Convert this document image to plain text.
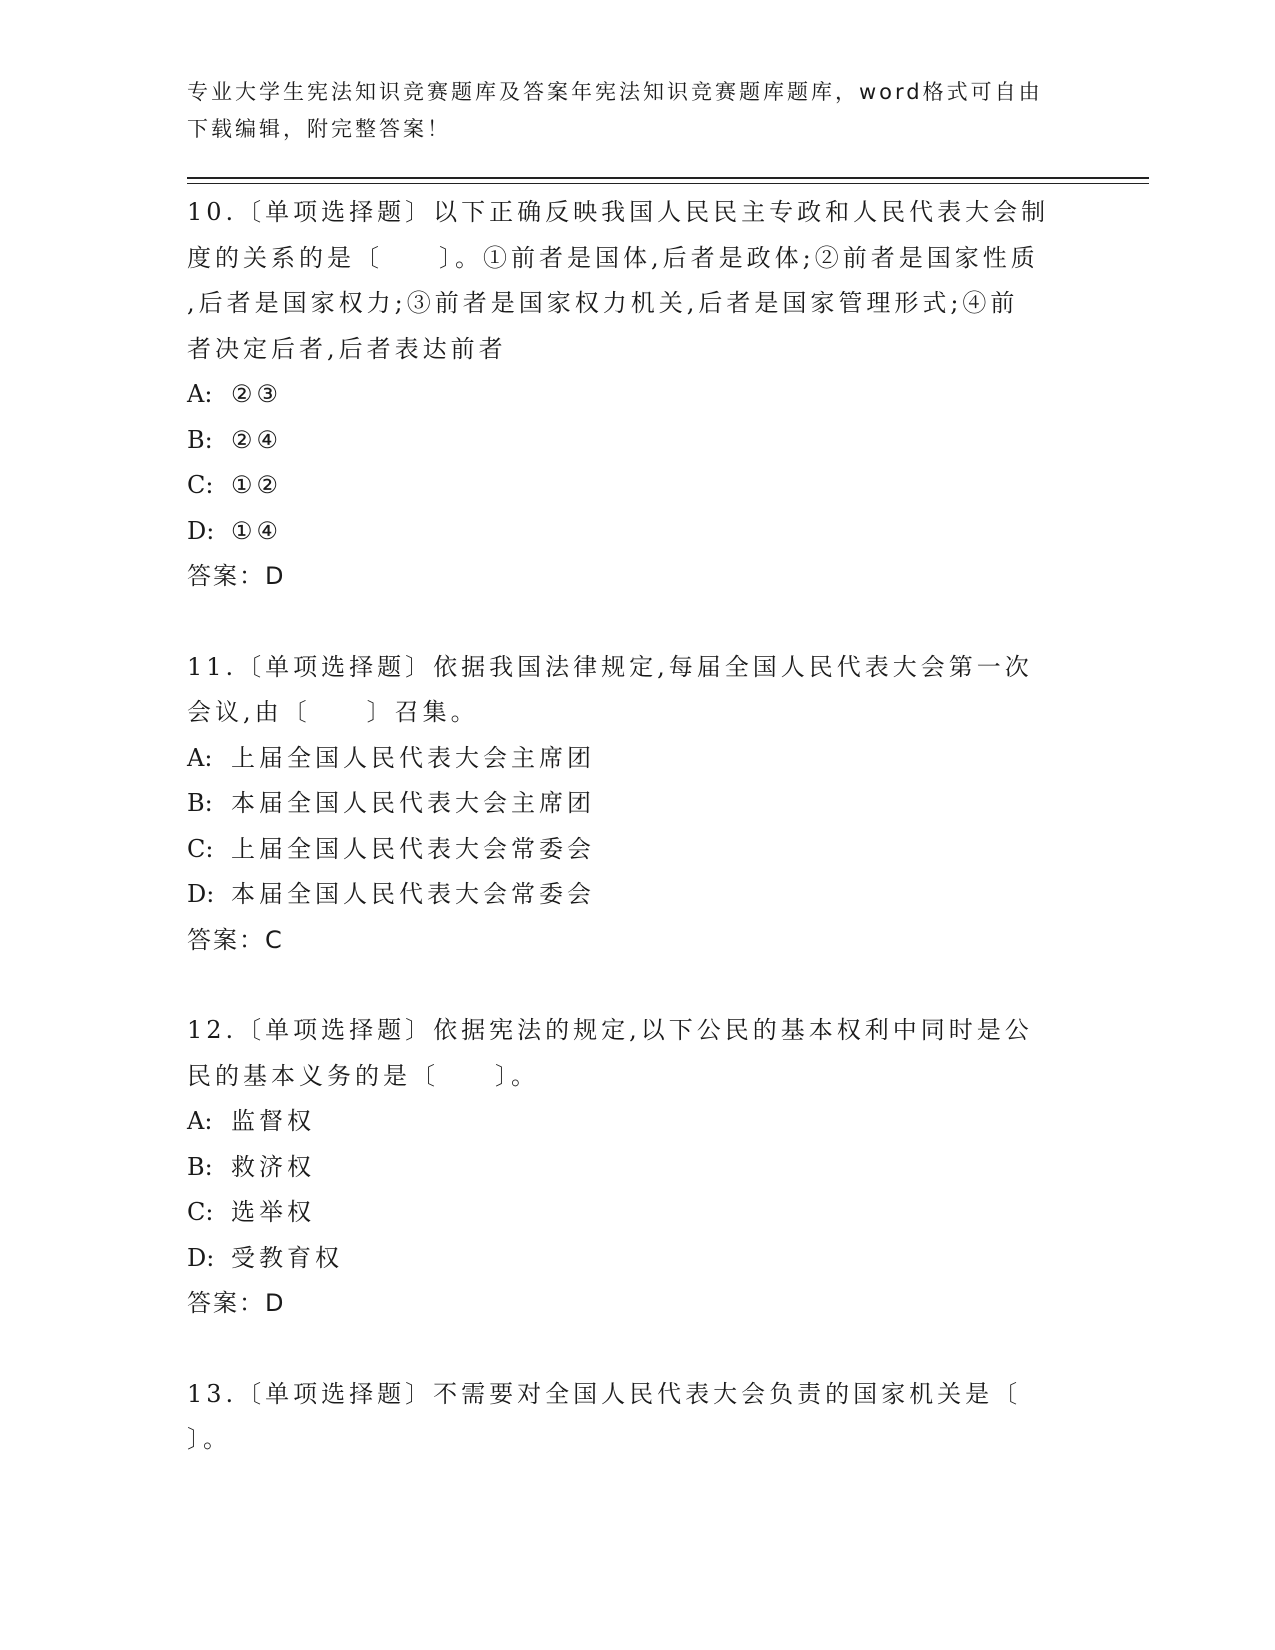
专业大学生宪法知识竞赛题库及答案年宪法知识竞赛题库题库，word格式可自由
下载编辑，附完整答案！

10.〔单项选择题〕以下正确反映我国人民民主专政和人民代表大会制

度的关系的是〔　　〕。①前者是国体,后者是政体;②前者是国家性质

,后者是国家权力;③前者是国家权力机关,后者是国家管理形式;④前

者决定后者,后者表达前者

A: ②③
B: ②④
C: ①②
D: ①④

答案：D

11.〔单项选择题〕依据我国法律规定,每届全国人民代表大会第一次

会议,由〔　　〕召集。

A: 上届全国人民代表大会主席团
B: 本届全国人民代表大会主席团
C: 上届全国人民代表大会常委会
D: 本届全国人民代表大会常委会

答案：C

12.〔单项选择题〕依据宪法的规定,以下公民的基本权利中同时是公

民的基本义务的是〔　　〕。

A: 监督权
B: 救济权
C: 选举权
D: 受教育权

答案：D

13.〔单项选择题〕不需要对全国人民代表大会负责的国家机关是〔

〕。
